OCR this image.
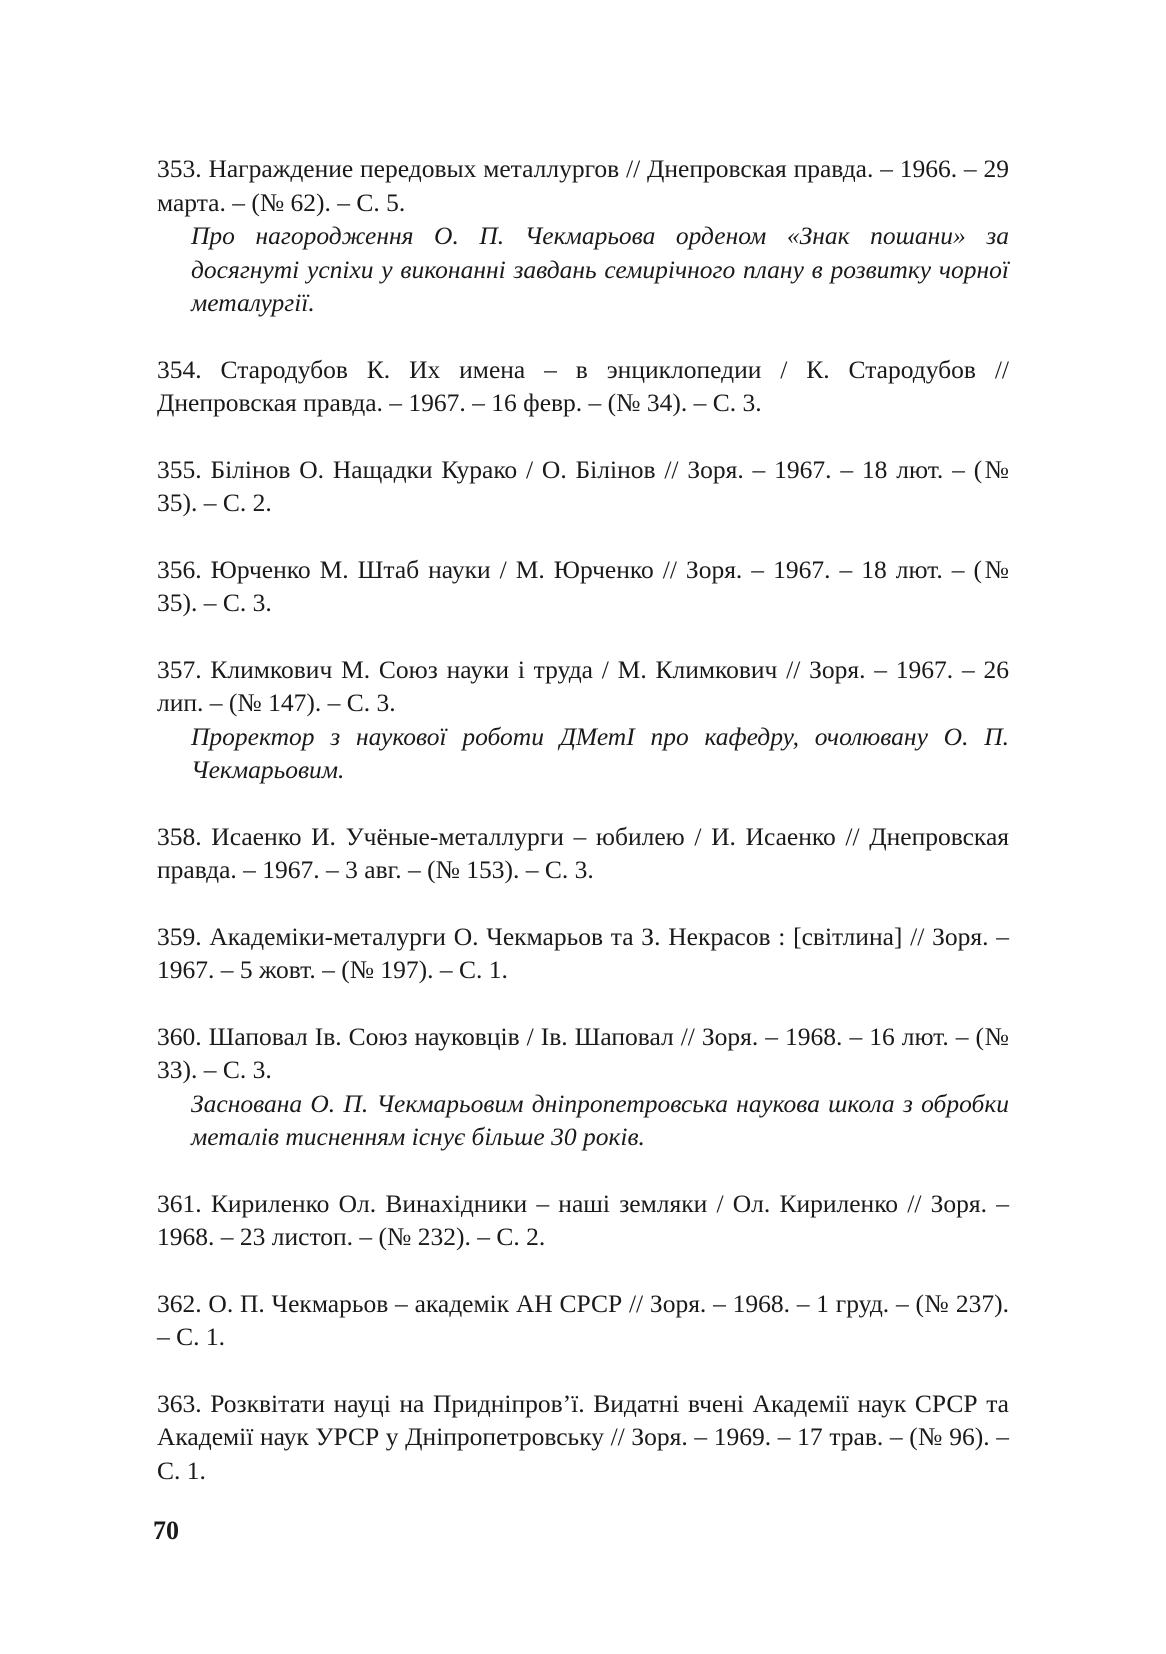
353. Награждение передовых металлургов // Днепровская правда. – 1966. – 29 марта. – (№ 62). – С. 5.

Про нагородження О. П. Чекмарьова орденом «Знак пошани» за досягнуті успіхи у виконанні завдань семирічного плану в розвитку чорної металургії.

354. Стародубов К. Их имена – в энциклопедии / К. Стародубов // Днепровская правда. – 1967. – 16 февр. – (№ 34). – С. 3.

355. Білінов О. Нащадки Курако / О. Білінов // Зоря. – 1967. – 18 лют. – (№ 35). – С. 2.

356. Юрченко М. Штаб науки / М. Юрченко // Зоря. – 1967. – 18 лют. – (№ 35). – С. 3.

357. Климкович М. Союз науки і труда / М. Климкович // Зоря. – 1967. – 26 лип. – (№ 147). – С. 3.

Проректор з наукової роботи ДМетІ про кафедру, очолювану О. П. Чекмарьовим.

358. Исаенко И. Учёные-металлурги – юбилею / И. Исаенко // Днепровская правда. – 1967. – 3 авг. – (№ 153). – С. 3.

359. Академіки-металурги О. Чекмарьов та З. Некрасов : [світлина] // Зоря. – 1967. – 5 жовт. – (№ 197). – С. 1.

360. Шаповал Ів. Союз науковців / Ів. Шаповал // Зоря. – 1968. – 16 лют. – (№ 33). – С. 3.

Заснована О. П. Чекмарьовим дніпропетровська наукова школа з обробки металів тисненням існує більше 30 років.

361. Кириленко Ол. Винахідники – наші земляки / Ол. Кириленко // Зоря. – 1968. – 23 листоп. – (№ 232). – С. 2.

362. О. П. Чекмарьов – академік АН СРСР // Зоря. – 1968. – 1 груд. – (№ 237). – С. 1.

363. Розквітати науці на Придніпров’ї. Видатні вчені Академії наук СРСР та Академії наук УРСР у Дніпропетровську // Зоря. – 1969. – 17 трав. – (№ 96). – С. 1.

70
